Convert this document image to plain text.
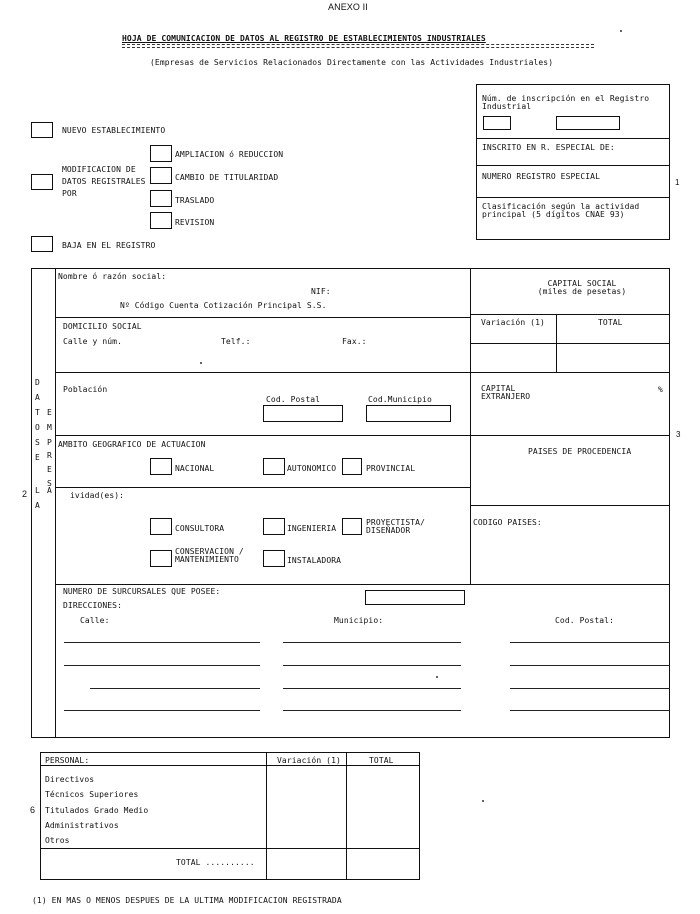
ANEXO II
HOJA DE COMUNICACION DE DATOS AL REGISTRO DE ESTABLECIMIENTOS INDUSTRIALES
(Empresas de Servicios Relacionados Directamente con las Actividades Industriales)
Núm. de inscripción en el Registro Industrial
INSCRITO EN R. ESPECIAL DE:
NUMERO REGISTRO ESPECIAL
Clasificación según la actividad principal (5 dígitos CNAE 93)
1
NUEVO ESTABLECIMIENTO
MODIFICACION DE DATOS REGISTRALES POR
AMPLIACION ó REDUCCION
CAMBIO DE TITULARIDAD
TRASLADO
REVISION
BAJA EN EL REGISTRO
D
A
T E
O M
S P
R
E
E
S
L A
A
2
Nombre ó razón social:
NIF:
Nº Código Cuenta Cotización Principal S.S.
DOMICILIO SOCIAL
Calle y núm.	Telf.:	Fax.:
Población
Cod. Postal	Cod.Municipio
AMBITO GEOGRAFICO DE ACTUACION
NACIONAL	AUTONOMICO	PROVINCIAL
ividad(es):
CONSULTORA	INGENIERIA
PROYECTISTA/ DISEÑADOR
CONSERVACION / MANTENIMIENTO	INSTALADORA
NUMERO DE SURCURSALES QUE POSEE:
DIRECCIONES:
Calle:	Municipio:	Cod. Postal:
CAPITAL SOCIAL (miles de pesetas)
Variación (1)	TOTAL
CAPITAL EXTRANJERO
%
3
PAISES DE PROCEDENCIA
CODIGO PAISES:
PERSONAL:	Variación (1)	TOTAL
Directivos
Técnicos Superiores
Titulados Grado Medio
Administrativos
Otros
TOTAL ..........
6
(1) EN MAS O MENOS DESPUES DE LA ULTIMA MODIFICACION REGISTRADA
